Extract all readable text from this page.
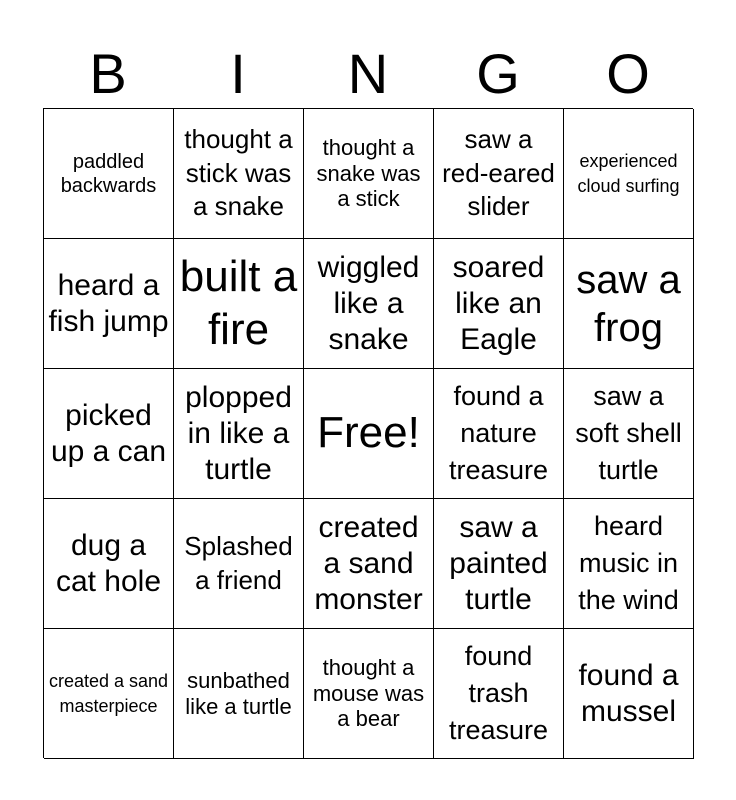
B	I	N	G	O
paddled backwards
thought a stick was a snake
thought a snake was a stick
saw a red-eared slider
experienced cloud surfing
heard a fish jump
built a fire
wiggled like a snake
soared like an Eagle
saw a frog
picked up a can
plopped in like a turtle
Free!
found a nature treasure
saw a soft shell turtle
dug a cat hole
Splashed a friend
created a sand monster
saw a painted turtle
heard music in the wind
created a sand masterpiece
sunbathed like a turtle
thought a mouse was a bear
found trash treasure
found a mussel
